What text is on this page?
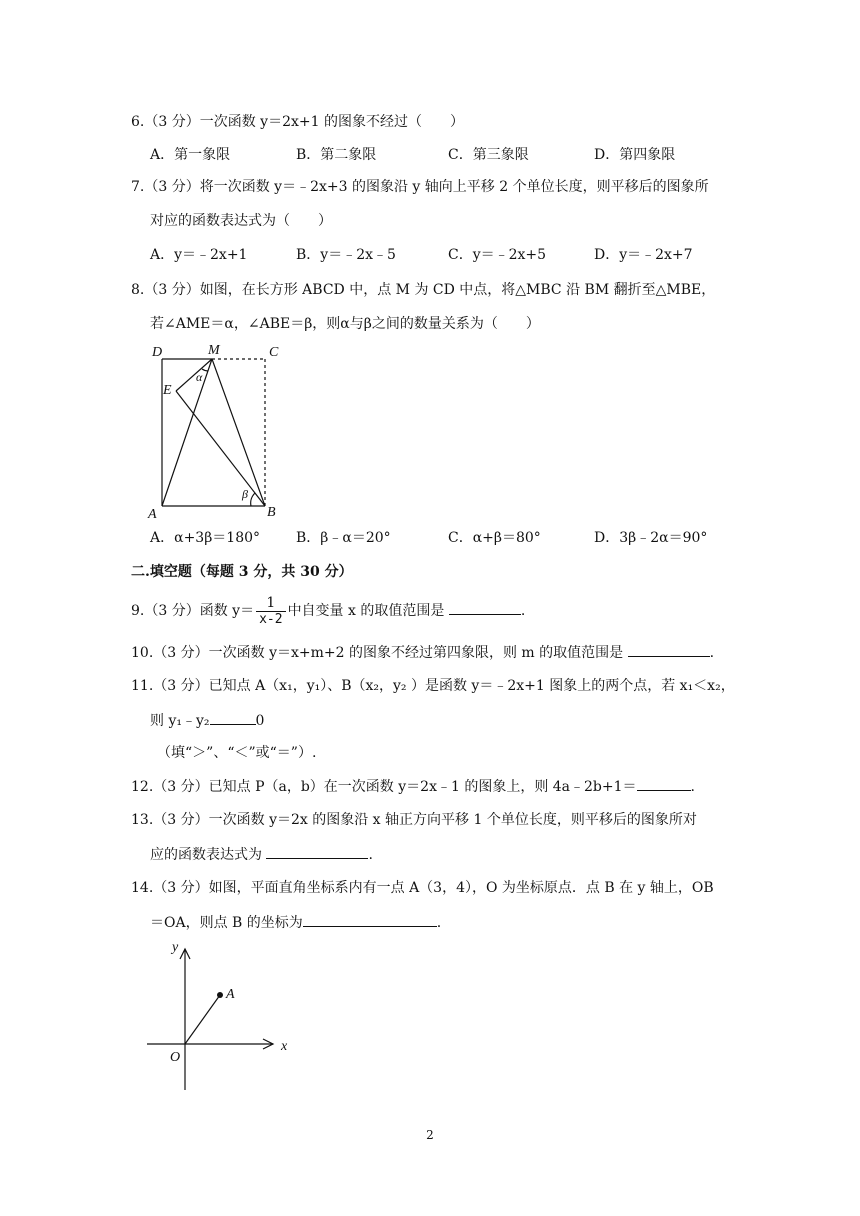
6.（3 分）一次函数 y＝2x+1 的图象不经过（　　）
A．第一象限	B．第二象限	C．第三象限	D．第四象限
7.（3 分）将一次函数 y＝﹣2x+3 的图象沿 y 轴向上平移 2 个单位长度，则平移后的图象所
对应的函数表达式为（　　）
A．y＝﹣2x+1	B．y＝﹣2x﹣5	C．y＝﹣2x+5	D．y＝﹣2x+7
8.（3 分）如图，在长方形 ABCD 中，点 M 为 CD 中点，将△MBC 沿 BM 翻折至△MBE，
若∠AME＝α，∠ABE＝β，则α与β之间的数量关系为（　　）
D	M	C
E
α
β
A	B
A．α+3β＝180°	B．β﹣α＝20°	C．α+β＝80°	D．3β﹣2α＝90°
二.填空题（每题 3 分，共 30 分）
9.（3 分）函数 $y= \frac{1}{x-2}$ 中自变量 x 的取值范围是	.
10.（3 分）一次函数 y＝x+m+2 的图象不经过第四象限，则 m 的取值范围是	.
11.（3 分）已知点 A（x₁，y₁）、B（x₂，y₂ ）是函数 y＝﹣2x+1 图象上的两个点，若 x₁＜x₂，
则 y₁﹣y₂	0
（填“＞”、“＜”或“＝”）.
12.（3 分）已知点 P（a，b）在一次函数 y＝2x﹣1 的图象上，则 4a﹣2b+1＝	.
13.（3 分）一次函数 y＝2x 的图象沿 x 轴正方向平移 1 个单位长度，则平移后的图象所对
应的函数表达式为	.
14.（3 分）如图，平面直角坐标系内有一点 A（3，4），O 为坐标原点．点 B 在 y 轴上，OB
＝OA，则点 B 的坐标为	.
y
x
O
A
2
